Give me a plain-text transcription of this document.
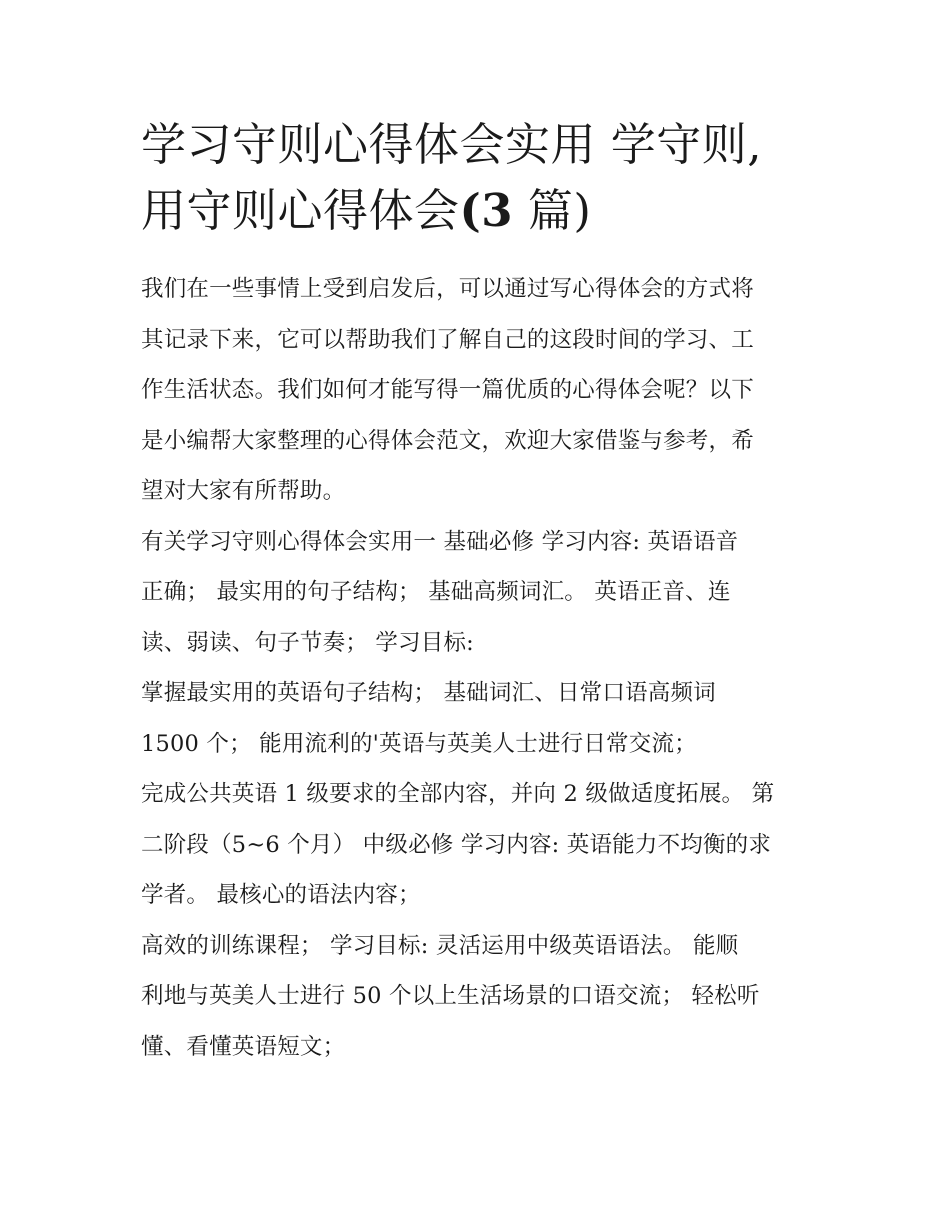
学习守则心得体会实用 学守则,
用守则心得体会(3 篇)

我们在一些事情上受到启发后，可以通过写心得体会的方式将
其记录下来，它可以帮助我们了解自己的这段时间的学习、工
作生活状态。我们如何才能写得一篇优质的心得体会呢？以下
是小编帮大家整理的心得体会范文，欢迎大家借鉴与参考，希
望对大家有所帮助。

有关学习守则心得体会实用一 基础必修 学习内容: 英语语音
正确； 最实用的句子结构； 基础高频词汇。 英语正音、连
读、弱读、句子节奏； 学习目标:

掌握最实用的英语句子结构； 基础词汇、日常口语高频词
1500 个； 能用流利的'英语与英美人士进行日常交流；

完成公共英语 1 级要求的全部内容，并向 2 级做适度拓展。 第
二阶段（5~6 个月） 中级必修 学习内容: 英语能力不均衡的求
学者。 最核心的语法内容；

高效的训练课程； 学习目标: 灵活运用中级英语语法。 能顺
利地与英美人士进行 50 个以上生活场景的口语交流； 轻松听
懂、看懂英语短文；
